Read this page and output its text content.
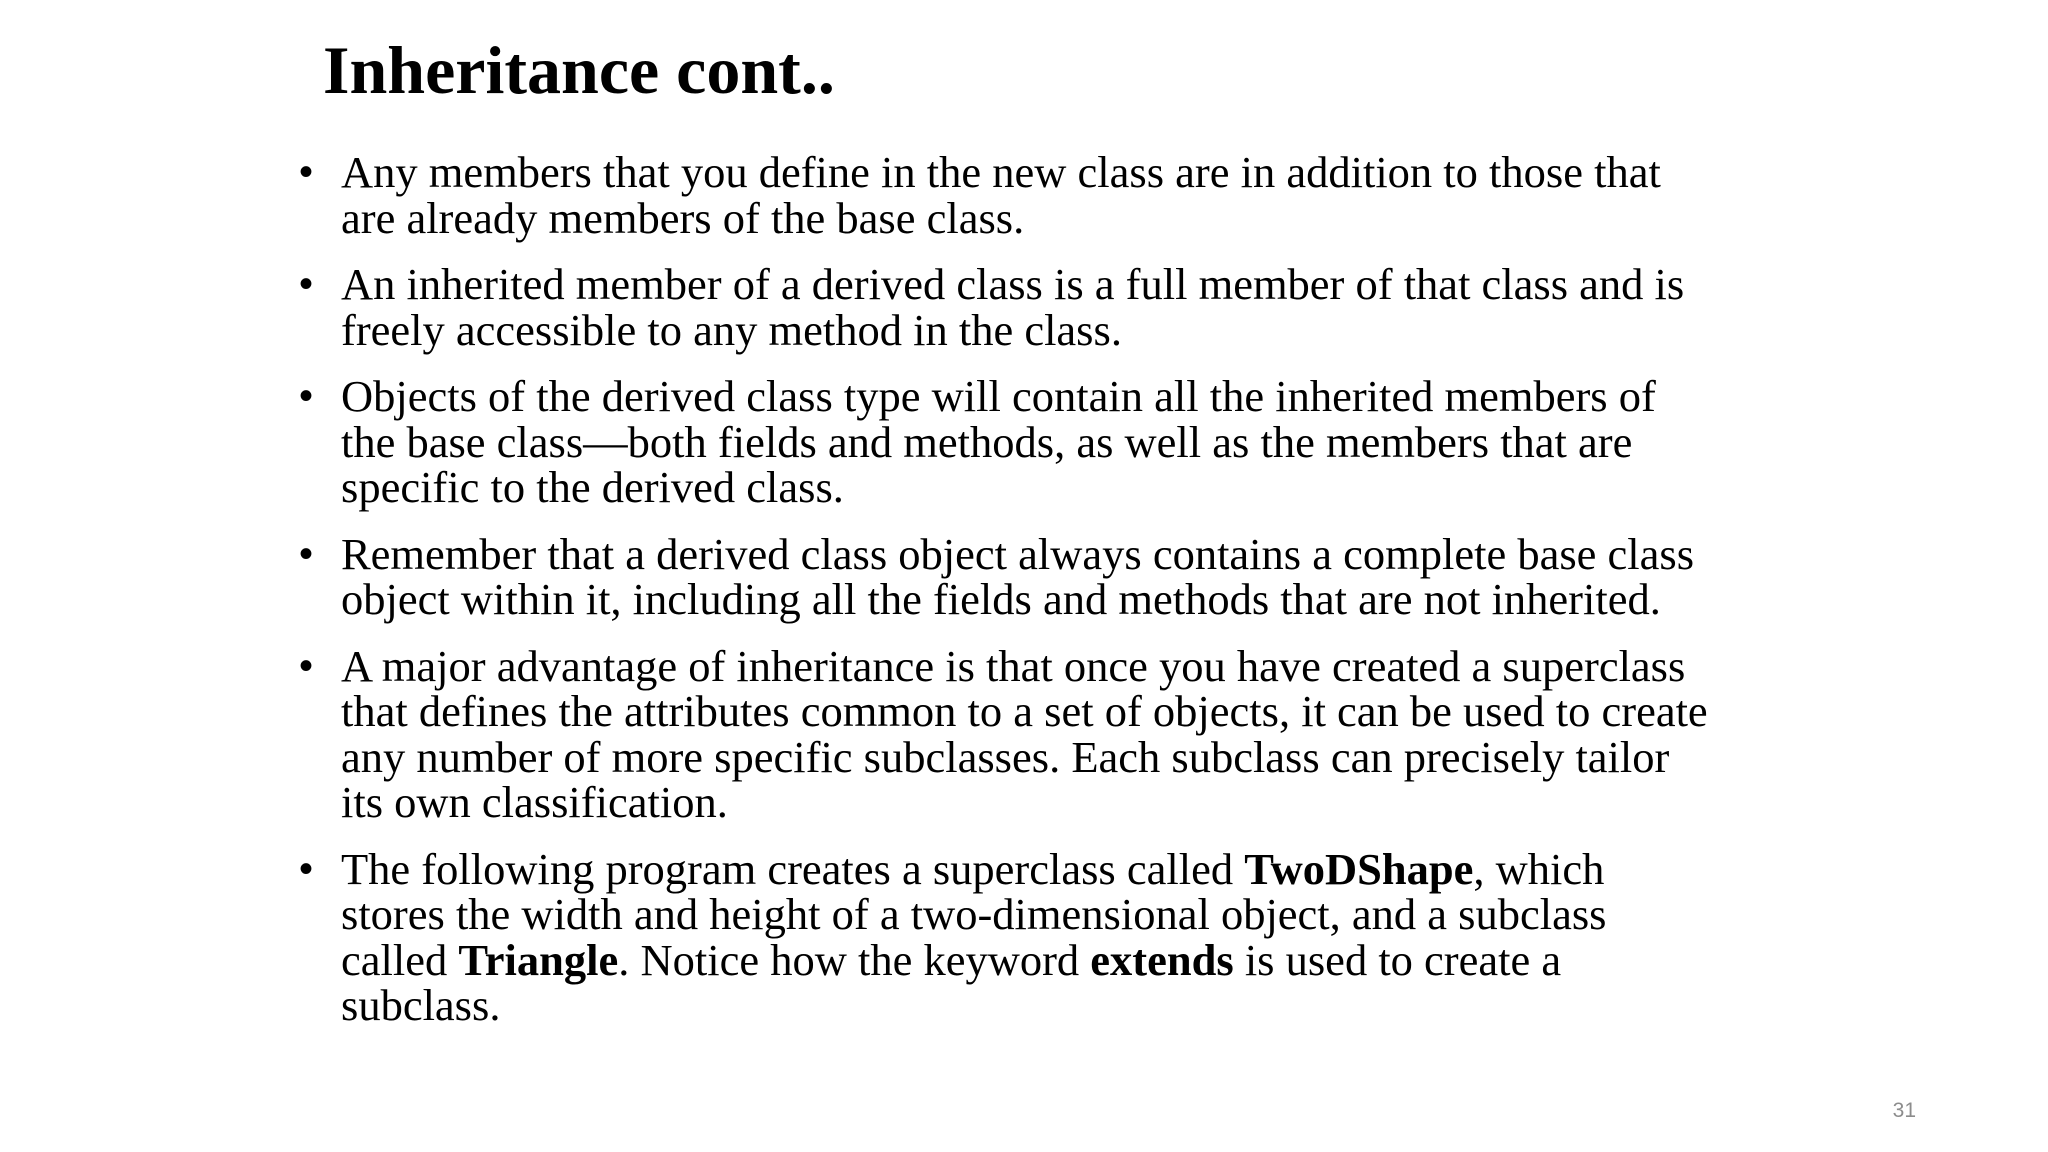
Inheritance cont..
• Any members that you define in the new class are in addition to those that
are already members of the base class.
• An inherited member of a derived class is a full member of that class and is
freely accessible to any method in the class.
• Objects of the derived class type will contain all the inherited members of
the base class—both fields and methods, as well as the members that are
specific to the derived class.
• Remember that a derived class object always contains a complete base class
object within it, including all the fields and methods that are not inherited.
• A major advantage of inheritance is that once you have created a superclass
that defines the attributes common to a set of objects, it can be used to create
any number of more specific subclasses. Each subclass can precisely tailor
its own classification.
• The following program creates a superclass called TwoDShape, which
stores the width and height of a two-dimensional object, and a subclass
called Triangle. Notice how the keyword extends is used to create a
subclass.
31
